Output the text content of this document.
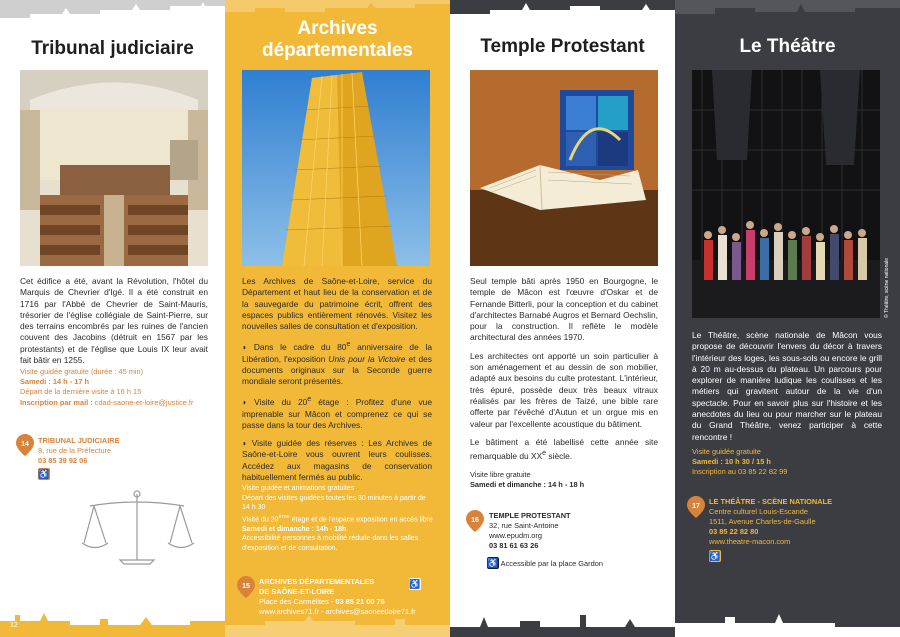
Tribunal judiciaire
Cet édifice a été, avant la Révolution, l'hôtel du Marquis de Chevrier d'Igé. Il a été construit en 1716 par l'Abbé de Chevrier de Saint-Mauris, trésorier de l'église collégiale de Saint-Pierre, sur des terrains encombrés par les ruines de l'ancien couvent des Jacobins (détruit en 1567 par les protestants) et de l'église que Louis IX leur avait fait bâtir en 1255.
Visite guidée gratuite (durée : 45 min)
Samedi : 14 h - 17 h
Départ de la dernière visite à 16 h 15
Inscription par mail : cdad-saone-et-loire@justice.fr
14 TRIBUNAL JUDICIAIRE
8, rue de la Préfecture
03 85 39 92 06
♿
12
Archives
départementales

Les Archives de Saône-et-Loire, service du Département et haut lieu de la conservation et de la sauvegarde du patrimoine écrit, offrent des espaces publics entièrement rénovés. Visitez les nouvelles salles de consultation et d'exposition.

◗ Dans le cadre du 80e anniversaire de la Libération, l'exposition Unis pour la Victoire et des documents originaux sur la Seconde guerre mondiale seront présentés.

◗ Visite du 20e étage : Profitez d'une vue imprenable sur Mâcon et comprenez ce qui se passe dans la tour des Archives.

◗ Visite guidée des réserves : Les Archives de Saône-et-Loire vous ouvrent leurs coulisses. Accédez aux magasins de conservation habituellement fermés au public.

Visite guidée et animations gratuites
Départ des visites guidées toutes les 30 minutes à partir de 14 h 30
Visite du 20ème étage et de l'espace exposition en accès libre
Samedi et dimanche : 14h - 18h
Accessibilité personnes à mobilité réduite dans les salles d'exposition et de consultation.
15
ARCHIVES DÉPARTEMENTALES
DE SAÔNE-ET-LOIRE
Place des Carmélites - 03 85 21 00 76
www.archives71.fr - archives@saoneetloire71.fr
♿
Temple Protestant

Seul temple bâti après 1950 en Bourgogne, le temple de Mâcon est l'œuvre d'Oskar et de Fernande Bitterli, pour la conception et du cabinet d'architectes Barnabé Augros et Bernard Oechslin, pour la construction. Il reflète le modèle architectural des années 1970.

Les architectes ont apporté un soin particulier à son aménagement et au dessin de son mobilier, adapté aux besoins du culte protestant. L'intérieur, très épuré, possède deux très beaux vitraux réalisés par les frères de Taizé, une bible rare offerte par l'évêché d'Autun et un orgue mis en valeur par l'excellente acoustique du bâtiment.

Le bâtiment a été labellisé cette année site remarquable du XXe siècle.

Visite libre gratuite
Samedi et dimanche : 14 h - 18 h
16
TEMPLE PROTESTANT
32, rue Saint-Antoine
www.epudm.org
03 81 61 63 26
♿ Accessible par la place Gardon
Le Théâtre
© Théâtre, scène nationale
Le Théâtre, scène nationale de Mâcon vous propose de découvrir l'envers du décor à travers l'intérieur des loges, les sous-sols ou encore le grill à 20 m au-dessus du plateau. Un parcours pour explorer de manière ludique les coulisses et les métiers qui gravitent autour de la vie d'un spectacle. Pour en savoir plus sur l'histoire et les anecdotes du lieu ou pour marcher sur le plateau du Grand Théâtre, venez participer à cette rencontre !
Visite guidée gratuite
Samedi : 10 h 30 / 15 h
Inscription au 03 85 22 82 99
17
LE THÉÂTRE - SCÈNE NATIONALE
Centre culturel Louis-Escande
1511, Avenue Charles-de-Gaulle
03 85 22 82 80
www.theatre-macon.com
♿
13
